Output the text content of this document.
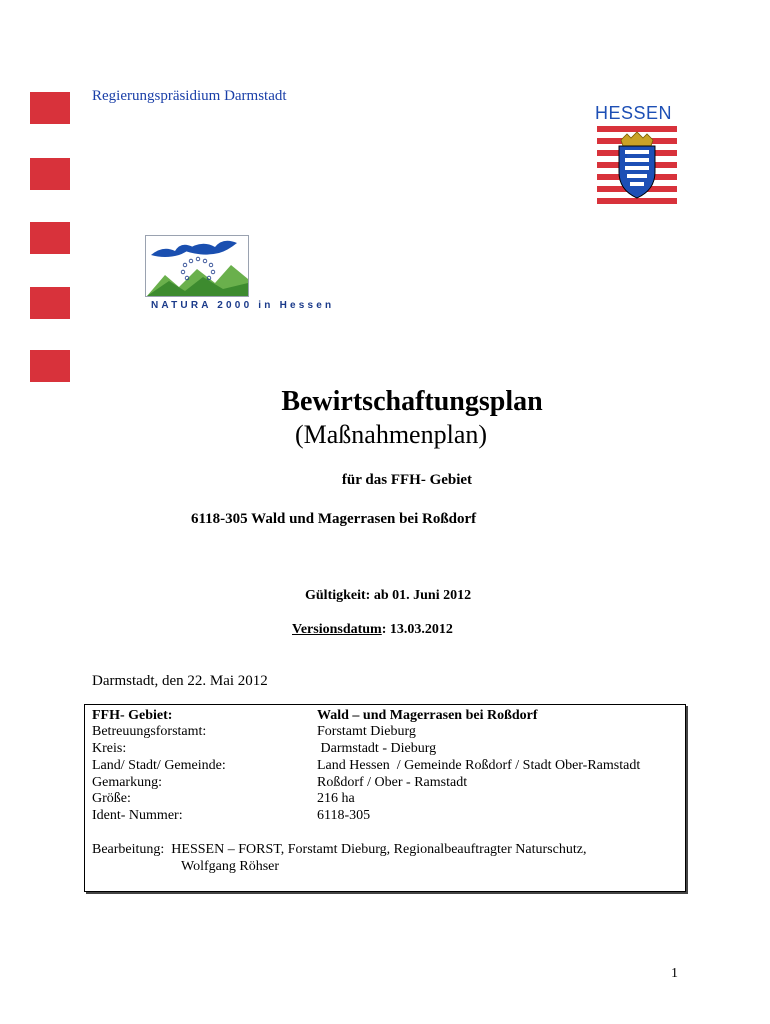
Regierungspräsidium Darmstadt
HESSEN
NATURA 2000 in Hessen
Bewirtschaftungsplan
(Maßnahmenplan)
für das FFH- Gebiet
6118-305 Wald und Magerrasen bei Roßdorf
Gültigkeit: ab 01. Juni 2012
Versionsdatum: 13.03.2012
Darmstadt, den 22. Mai 2012
FFH- Gebiet:	Wald – und Magerrasen bei Roßdorf
Betreuungsforstamt:	Forstamt Dieburg
Kreis:	Darmstadt - Dieburg
Land/ Stadt/ Gemeinde:	Land Hessen  / Gemeinde Roßdorf / Stadt Ober-Ramstadt
Gemarkung:	Roßdorf / Ober - Ramstadt
Größe:	216 ha
Ident- Nummer:	6118-305
Bearbeitung:  HESSEN – FORST, Forstamt Dieburg, Regionalbeauftragter Naturschutz,
Wolfgang Röhser
1
